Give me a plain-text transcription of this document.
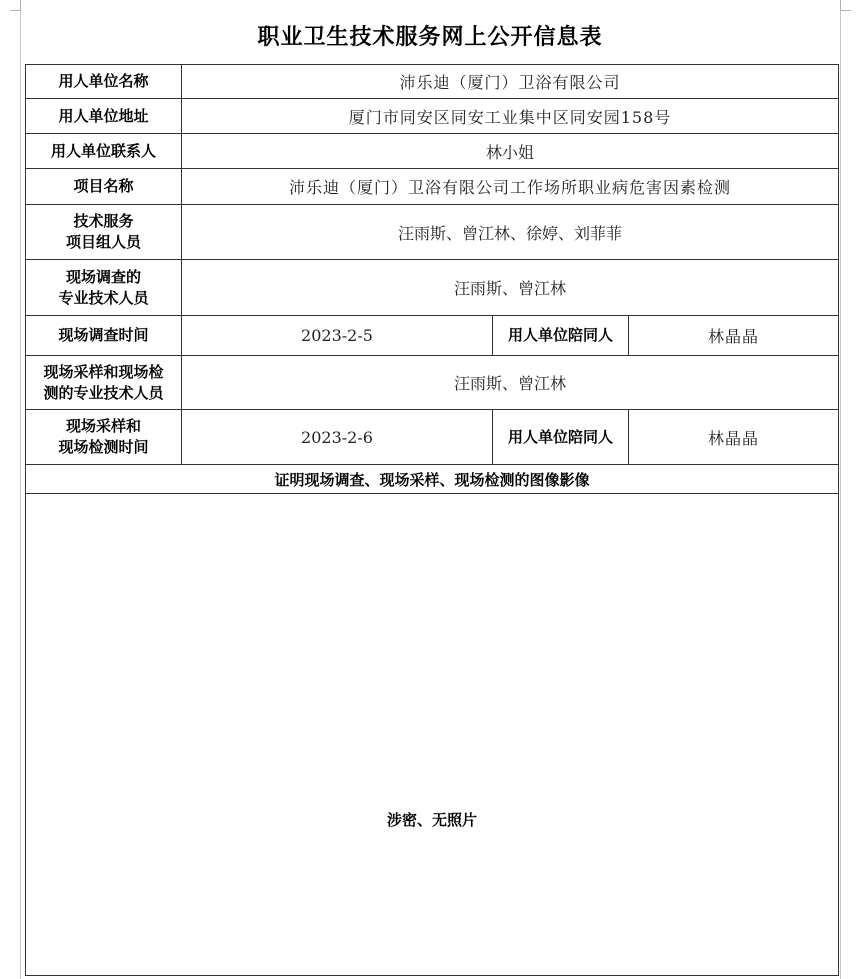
职业卫生技术服务网上公开信息表
用人单位名称	沛乐迪（厦门）卫浴有限公司		
用人单位地址	厦门市同安区同安工业集中区同安园158号		
用人单位联系人	林小姐		
项目名称	沛乐迪（厦门）卫浴有限公司工作场所职业病危害因素检测		

技术服务
项目组人员	汪雨斯、曾江林、徐婷、刘菲菲		

现场调查的
专业技术人员	汪雨斯、曾江林		
现场调查时间	2023-2-5	用人单位陪同人	林晶晶

现场采样和现场检
测的专业技术人员	汪雨斯、曾江林		

现场采样和
现场检测时间	2023-2-6	用人单位陪同人	林晶晶
证明现场调查、现场采样、现场检测的图像影像			
涉密、无照片			
